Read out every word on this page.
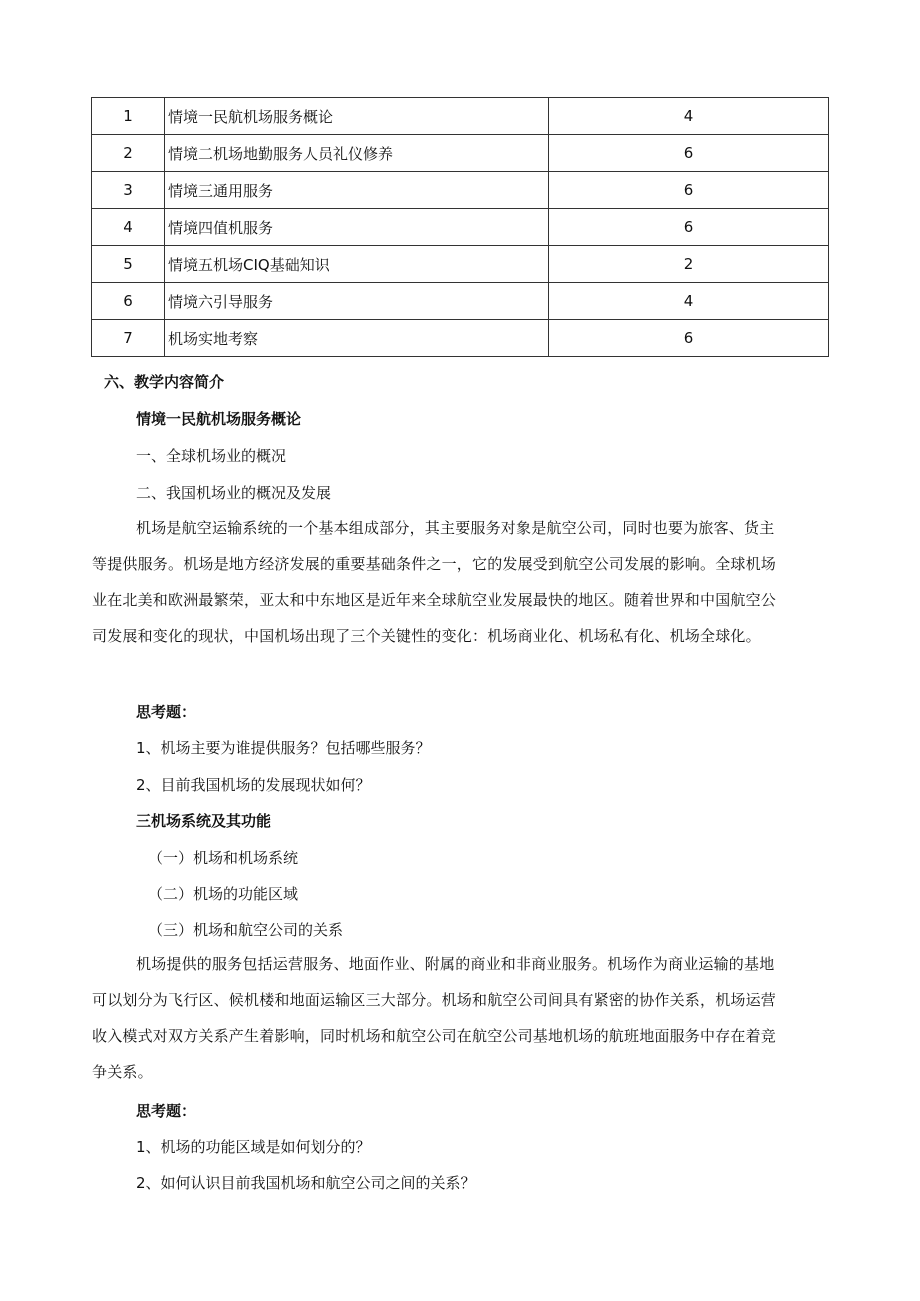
1	情境一民航机场服务概论	4
2	情境二机场地勤服务人员礼仪修养	6
3	情境三通用服务	6
4	情境四值机服务	6
5	情境五机场CIQ基础知识	2
6	情境六引导服务	4
7	机场实地考察	6
六、教学内容简介
情境一民航机场服务概论
一、全球机场业的概况
二、我国机场业的概况及发展
机场是航空运输系统的一个基本组成部分，其主要服务对象是航空公司，同时也要为旅客、货主等提供服务。机场是地方经济发展的重要基础条件之一，它的发展受到航空公司发展的影响。全球机场业在北美和欧洲最繁荣，亚太和中东地区是近年来全球航空业发展最快的地区。随着世界和中国航空公司发展和变化的现状，中国机场出现了三个关键性的变化：机场商业化、机场私有化、机场全球化。
思考题：
1、机场主要为谁提供服务？包括哪些服务？
2、目前我国机场的发展现状如何？
三机场系统及其功能
（一）机场和机场系统
（二）机场的功能区域
（三）机场和航空公司的关系
机场提供的服务包括运营服务、地面作业、附属的商业和非商业服务。机场作为商业运输的基地可以划分为飞行区、候机楼和地面运输区三大部分。机场和航空公司间具有紧密的协作关系，机场运营收入模式对双方关系产生着影响，同时机场和航空公司在航空公司基地机场的航班地面服务中存在着竞争关系。
思考题：
1、机场的功能区域是如何划分的？
2、如何认识目前我国机场和航空公司之间的关系？
